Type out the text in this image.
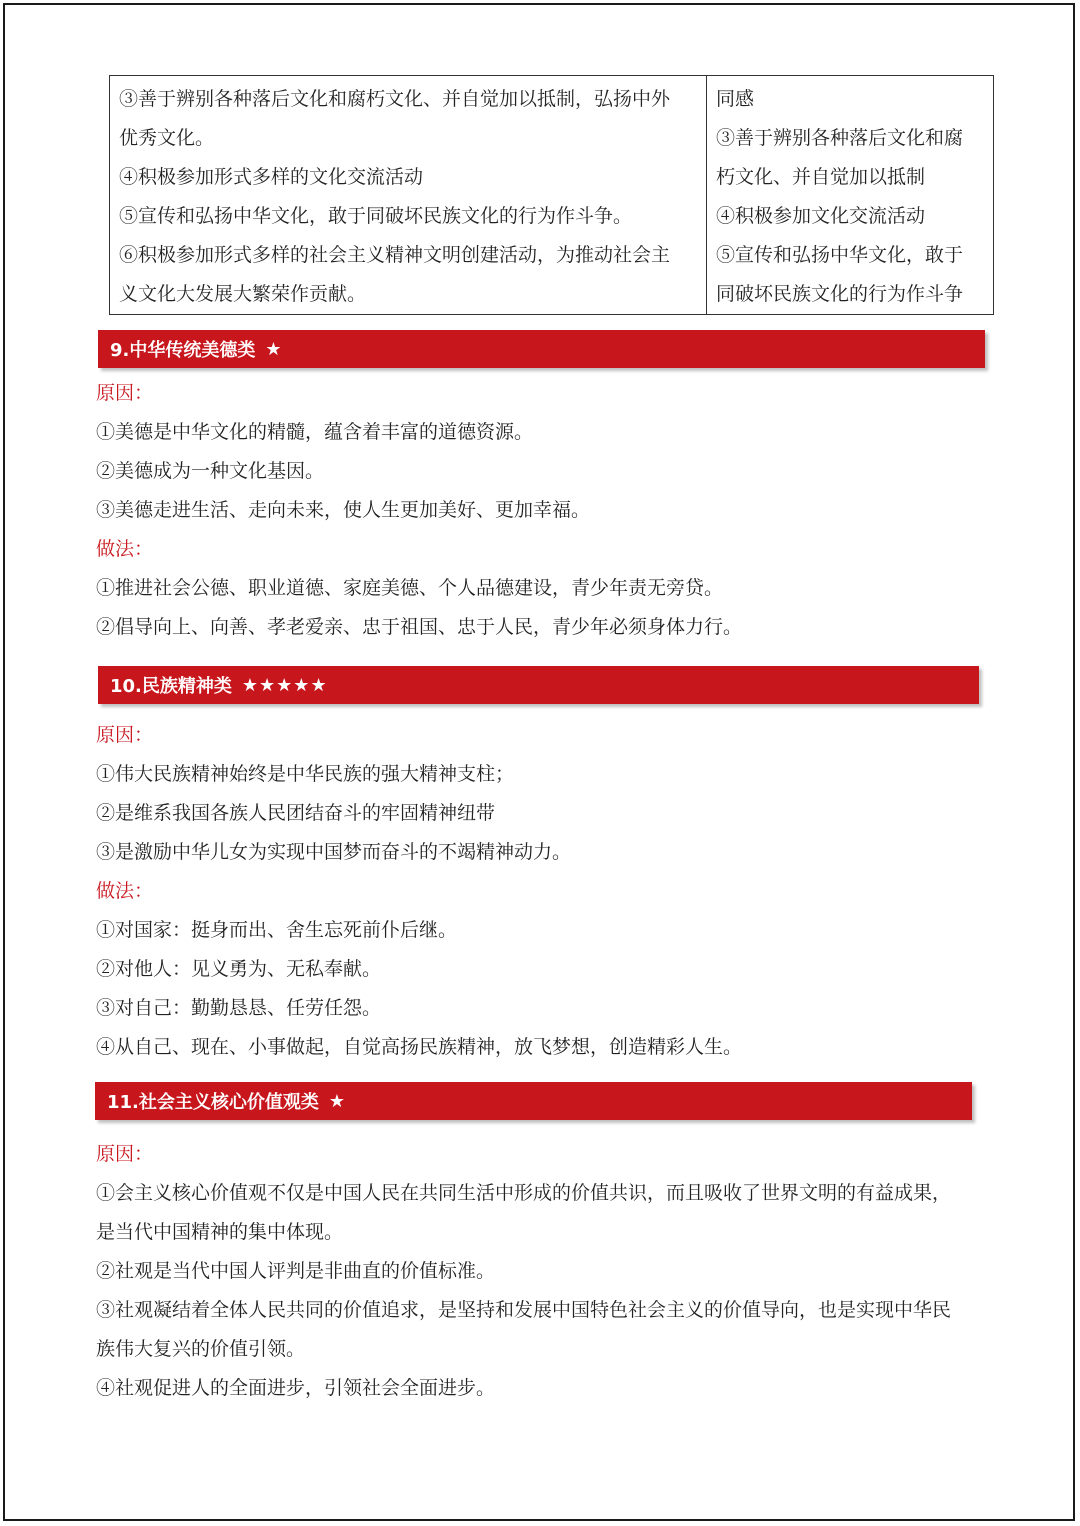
③善于辨别各种落后文化和腐朽文化、并自觉加以抵制，弘扬中外
优秀文化。
④积极参加形式多样的文化交流活动
⑤宣传和弘扬中华文化，敢于同破坏民族文化的行为作斗争。
⑥积极参加形式多样的社会主义精神文明创建活动，为推动社会主
义文化大发展大繁荣作贡献。

同感
③善于辨别各种落后文化和腐
朽文化、并自觉加以抵制
④积极参加文化交流活动
⑤宣传和弘扬中华文化，敢于
同破坏民族文化的行为作斗争
9.中华传统美德类 ★
原因：
①美德是中华文化的精髓，蕴含着丰富的道德资源。
②美德成为一种文化基因。
③美德走进生活、走向未来，使人生更加美好、更加幸福。
做法：
①推进社会公德、职业道德、家庭美德、个人品德建设，青少年责无旁贷。
②倡导向上、向善、孝老爱亲、忠于祖国、忠于人民，青少年必须身体力行。
10.民族精神类 ★★★★★
原因：
①伟大民族精神始终是中华民族的强大精神支柱；
②是维系我国各族人民团结奋斗的牢固精神纽带
③是激励中华儿女为实现中国梦而奋斗的不竭精神动力。
做法：
①对国家：挺身而出、舍生忘死前仆后继。
②对他人：见义勇为、无私奉献。
③对自己：勤勤恳恳、任劳任怨。
④从自己、现在、小事做起，自觉高扬民族精神，放飞梦想，创造精彩人生。
11.社会主义核心价值观类 ★
原因：
①会主义核心价值观不仅是中国人民在共同生活中形成的价值共识，而且吸收了世界文明的有益成果，
是当代中国精神的集中体现。
②社观是当代中国人评判是非曲直的价值标准。
③社观凝结着全体人民共同的价值追求，是坚持和发展中国特色社会主义的价值导向，也是实现中华民
族伟大复兴的价值引领。
④社观促进人的全面进步，引领社会全面进步。
